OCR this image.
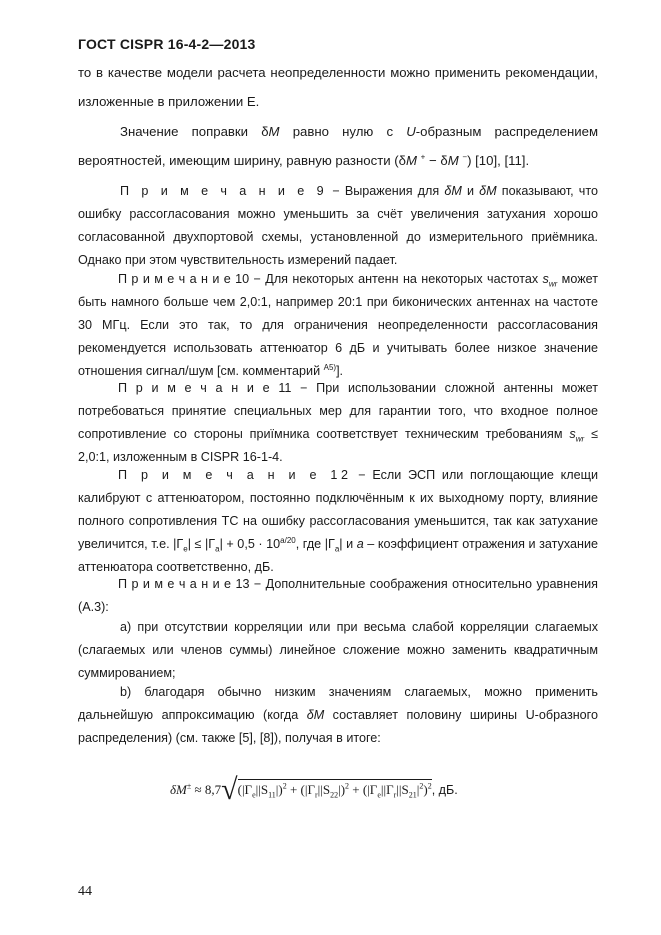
ГОСТ CISPR 16-4-2—2013
то в качестве модели расчета неопределенности можно применить рекомендации,
изложенные в приложении Е.
Значение поправки δM равно нулю с U-образным распределением вероятностей, имеющим ширину, равную разности (δM + − δM −) [10], [11].
П р и м е ч а н и е 9 − Выражения для δM и δM показывают, что ошибку рассогласования можно уменьшить за счёт увеличения затухания хорошо согласованной двухпортовой схемы, установленной до измерительного приёмника. Однако при этом чувствительность измерений падает.
П р и м е ч а н и е 10 − Для некоторых антенн на некоторых частотах $s_{wr}$ может быть намного больше чем 2,0:1, например 20:1 при биконических антеннах на частоте 30 МГц. Если это так, то для ограничения неопределенности рассогласования рекомендуется использовать аттенюатор 6 дБ и учитывать более низкое значение отношения сигнал/шум [см. комментарий $^{A5)}$].
П р и м е ч а н и е 11 − При использовании сложной антенны может потребоваться принятие специальных мер для гарантии того, что входное полное сопротивление со стороны приїмника соответствует техническим требованиям $s_{wr}$ ≤ 2,0:1, изложенным в CISPR 16-1-4.
П р и м е ч а н и е 12 − Если ЭСП или поглощающие клещи калибруют с аттенюатором, постоянно подключённым к их выходному порту, влияние полного сопротивления ТС на ошибку рассогласования уменьшится, так как затухание увеличится, т.е. $|Г_e| \le |Г_a| + 0,5 \cdot 10^{a/20}$, где $|Г_a|$ и a – коэффициент отражения и затухание аттенюатора соответственно, дБ.
П р и м е ч а н и е 13 − Дополнительные соображения относительно уравнения (А.3):
а) при отсутствии корреляции или при весьма слабой корреляции слагаемых (слагаемых или членов суммы) линейное сложение можно заменить квадратичным суммированием;
b) благодаря обычно низким значениям слагаемых, можно применить дальнейшую аппроксимацию (когда δM составляет половину ширины U-образного распределения) (см. также [5], [8]), получая в итоге:
$\delta M^\pm \approx 8,7√(|Г_e||S_{11}|)^2 + (|Г_r||S_{22}|)^2 + (|Г_e||Г_r||S_{21}|^2)^2$, дБ.
44
